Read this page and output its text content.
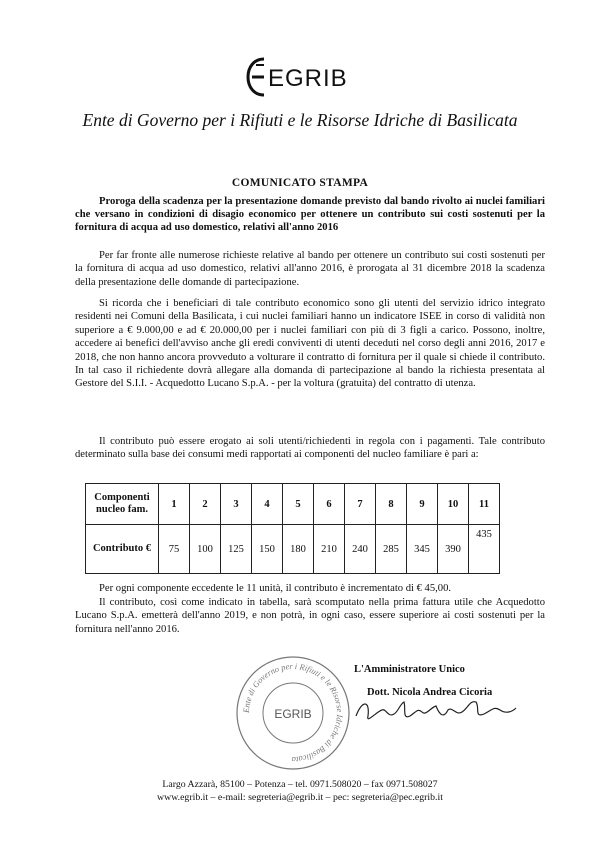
EGRIB
Ente di Governo per i Rifiuti e le Risorse Idriche di Basilicata
COMUNICATO STAMPA
Proroga della scadenza per la presentazione domande previsto dal bando rivolto ai nuclei familiari che versano in condizioni di disagio economico per ottenere un contributo sui costi sostenuti per la fornitura di acqua ad uso domestico, relativi all'anno 2016
Per far fronte alle numerose richieste relative al bando per ottenere un contributo sui costi sostenuti per la fornitura di acqua ad uso domestico, relativi all'anno 2016, è prorogata al 31 dicembre 2018 la scadenza della presentazione delle domande di partecipazione.
Si ricorda che i beneficiari di tale contributo economico sono gli utenti del servizio idrico integrato residenti nei Comuni della Basilicata, i cui nuclei familiari hanno un indicatore ISEE in corso di validità non superiore a € 9.000,00 e ad € 20.000,00 per i nuclei familiari con più di 3 figli a carico. Possono, inoltre, accedere ai benefici dell'avviso anche gli eredi conviventi di utenti deceduti nel corso degli anni 2016, 2017 e 2018, che non hanno ancora provveduto a volturare il contratto di fornitura per il quale si chiede il contributo. In tal caso il richiedente dovrà allegare alla domanda di partecipazione al bando la richiesta presentata al Gestore del S.I.I. - Acquedotto Lucano S.p.A. - per la voltura (gratuita) del contratto di utenza.
Il contributo può essere erogato ai soli utenti/richiedenti in regola con i pagamenti. Tale contributo determinato sulla base dei consumi medi rapportati ai componenti del nucleo familiare è pari a:
Componenti nucleo fam.	1	2	3	4	5	6	7	8	9	10	11
Contributo €	75	100	125	150	180	210	240	285	345	390	435
Per ogni componente eccedente le 11 unità, il contributo è incrementato di € 45,00.
Il contributo, così come indicato in tabella, sarà scomputato nella prima fattura utile che Acquedotto Lucano S.p.A. emetterà dell'anno 2019, e non potrà, in ogni caso, essere superiore ai costi sostenuti per la fornitura nell'anno 2016.
Ente di Governo per i Rifiuti e le Risorse Idriche di Basilicata
EGRIB
L'Amministratore Unico
Dott. Nicola Andrea Cicoria
Largo Azzarà, 85100 – Potenza – tel. 0971.508020 – fax 0971.508027
www.egrib.it – e-mail: segreteria@egrib.it – pec: segreteria@pec.egrib.it
